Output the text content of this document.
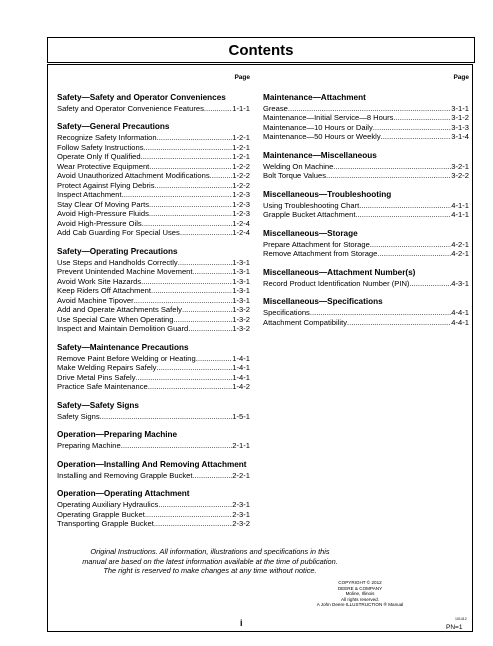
Contents
Page
Safety—Safety and Operator Conveniences
Safety and Operator Convenience Features .....	1-1-1
Safety—General Precautions
Recognize Safety Information .....	1-2-1
Follow Safety Instructions .....	1-2-1
Operate Only If Qualified .....	1-2-1
Wear Protective Equipment .....	1-2-2
Avoid Unauthorized Attachment Modifications .....	1-2-2
Protect Against Flying Debris .....	1-2-2
Inspect Attachment .....	1-2-3
Stay Clear Of Moving Parts .....	1-2-3
Avoid High-Pressure Fluids .....	1-2-3
Avoid High-Pressure Oils .....	1-2-4
Add Cab Guarding For Special Uses .....	1-2-4
Safety—Operating Precautions
Use Steps and Handholds Correctly .....	1-3-1
Prevent Unintended Machine Movement .....	1-3-1
Avoid Work Site Hazards .....	1-3-1
Keep Riders Off Attachment .....	1-3-1
Avoid Machine Tipover .....	1-3-1
Add and Operate Attachments Safely .....	1-3-2
Use Special Care When Operating .....	1-3-2
Inspect and Maintain Demolition Guard .....	1-3-2
Safety—Maintenance Precautions
Remove Paint Before Welding or Heating .....	1-4-1
Make Welding Repairs Safely .....	1-4-1
Drive Metal Pins Safely .....	1-4-1
Practice Safe Maintenance .....	1-4-2
Safety—Safety Signs
Safety Signs .....	1-5-1
Operation—Preparing Machine
Preparing Machine .....	2-1-1
Operation—Installing And Removing Attachment
Installing and Removing Grapple Bucket .....	2-2-1
Operation—Operating Attachment
Operating Auxiliary Hydraulics .....	2-3-1
Operating Grapple Bucket .....	2-3-1
Transporting Grapple Bucket .....	2-3-2
Page
Maintenance—Attachment
Grease .....	3-1-1
Maintenance—Initial Service—8 Hours .....	3-1-2
Maintenance—10 Hours or Daily .....	3-1-3
Maintenance—50 Hours or Weekly .....	3-1-4
Maintenance—Miscellaneous
Welding On Machine .....	3-2-1
Bolt Torque Values .....	3-2-2
Miscellaneous—Troubleshooting
Using Troubleshooting Chart .....	4-1-1
Grapple Bucket Attachment .....	4-1-1
Miscellaneous—Storage
Prepare Attachment for Storage .....	4-2-1
Remove Attachment from Storage .....	4-2-1
Miscellaneous—Attachment Number(s)
Record Product Identification Number (PIN) .....	4-3-1
Miscellaneous—Specifications
Specifications .....	4-4-1
Attachment Compatibility .....	4-4-1
Original Instructions. All information, illustrations and specifications in this
manual are based on the latest information available at the time of publication.
The right is reserved to make changes at any time without notice.
COPYRIGHT © 2012
DEERE & COMPANY
Moline, Illinois
All rights reserved.
A John Deere ILLUSTRUCTION ® Manual
i	101412
PN=1
